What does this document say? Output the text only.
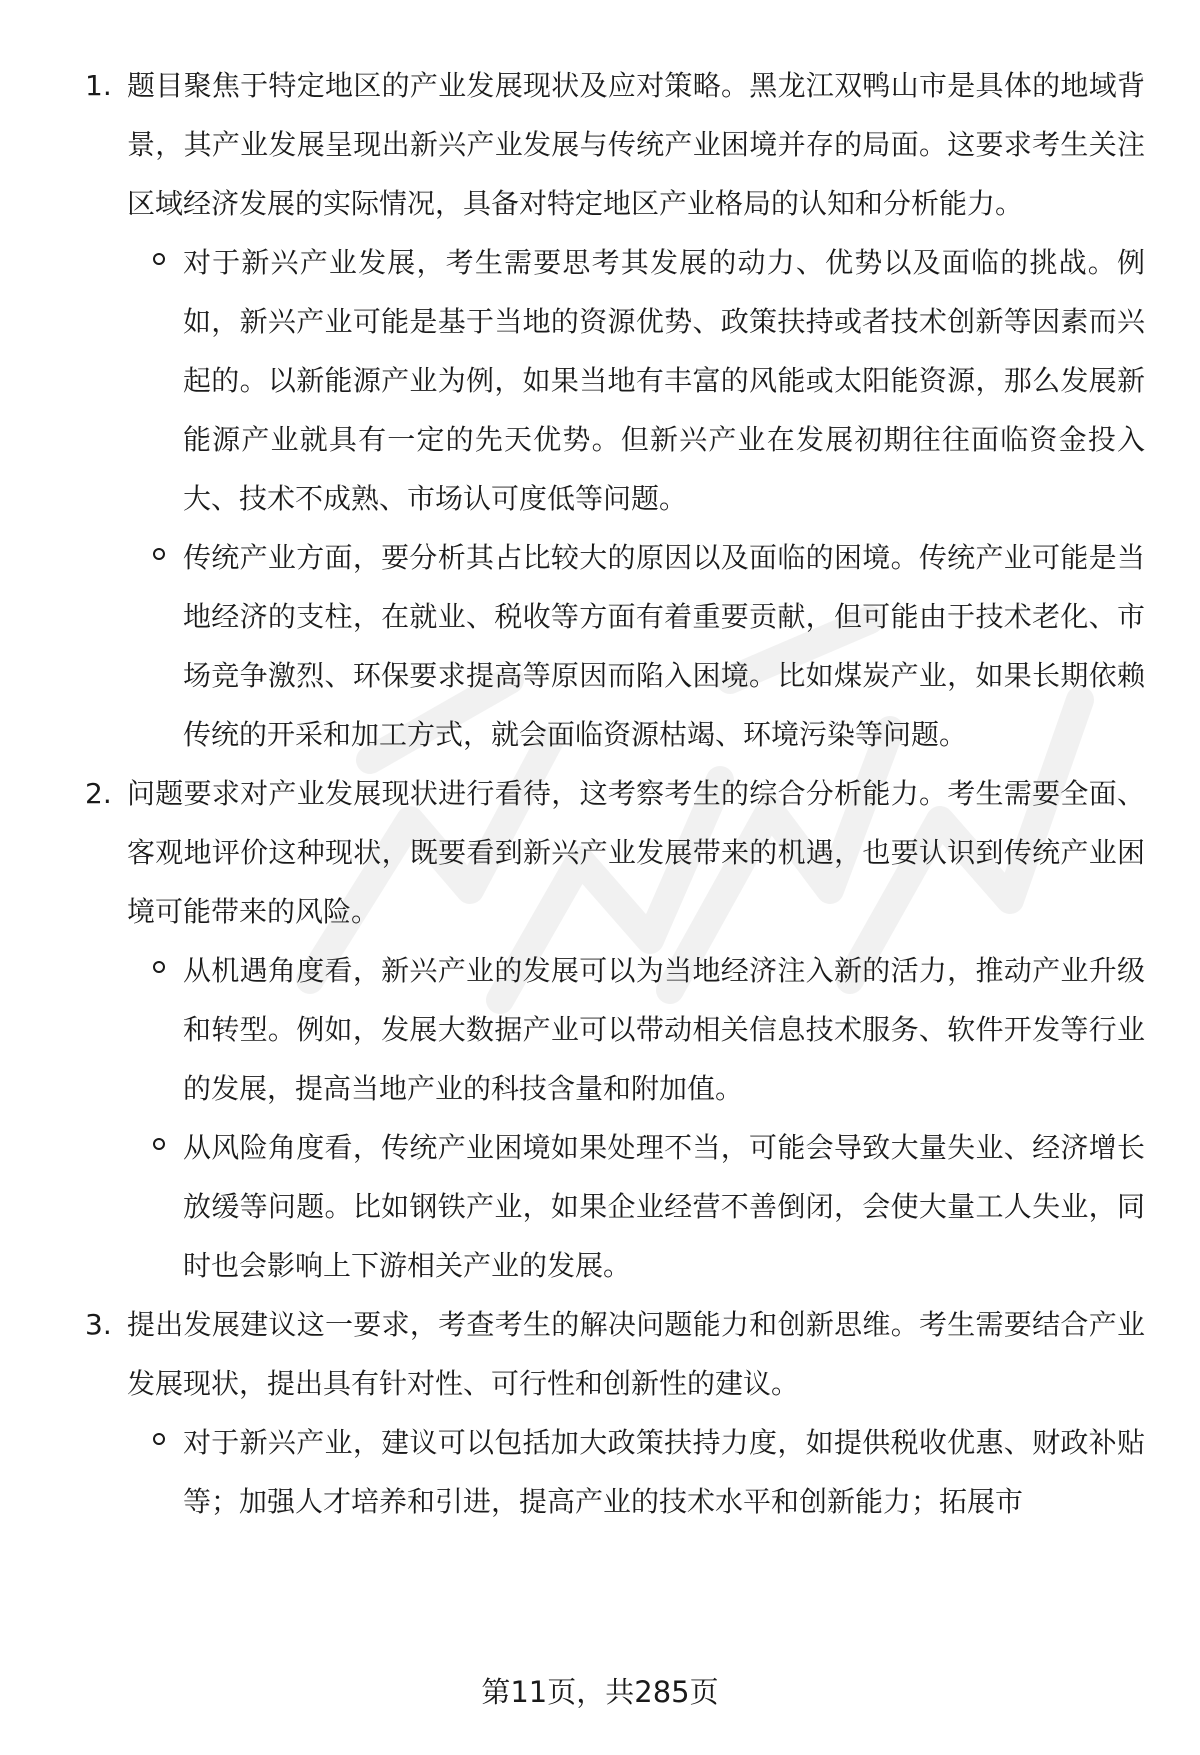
1. 题目聚焦于特定地区的产业发展现状及应对策略。黑龙江双鸭山市是具体的地域背景，其产业发展呈现出新兴产业发展与传统产业困境并存的局面。这要求考生关注区域经济发展的实际情况，具备对特定地区产业格局的认知和分析能力。

对于新兴产业发展，考生需要思考其发展的动力、优势以及面临的挑战。例如，新兴产业可能是基于当地的资源优势、政策扶持或者技术创新等因素而兴起的。以新能源产业为例，如果当地有丰富的风能或太阳能资源，那么发展新能源产业就具有一定的先天优势。但新兴产业在发展初期往往面临资金投入大、技术不成熟、市场认可度低等问题。

传统产业方面，要分析其占比较大的原因以及面临的困境。传统产业可能是当地经济的支柱，在就业、税收等方面有着重要贡献，但可能由于技术老化、市场竞争激烈、环保要求提高等原因而陷入困境。比如煤炭产业，如果长期依赖传统的开采和加工方式，就会面临资源枯竭、环境污染等问题。

2. 问题要求对产业发展现状进行看待，这考察考生的综合分析能力。考生需要全面、客观地评价这种现状，既要看到新兴产业发展带来的机遇，也要认识到传统产业困境可能带来的风险。

从机遇角度看，新兴产业的发展可以为当地经济注入新的活力，推动产业升级和转型。例如，发展大数据产业可以带动相关信息技术服务、软件开发等行业的发展，提高当地产业的科技含量和附加值。

从风险角度看，传统产业困境如果处理不当，可能会导致大量失业、经济增长放缓等问题。比如钢铁产业，如果企业经营不善倒闭，会使大量工人失业，同时也会影响上下游相关产业的发展。

3. 提出发展建议这一要求，考查考生的解决问题能力和创新思维。考生需要结合产业发展现状，提出具有针对性、可行性和创新性的建议。

对于新兴产业，建议可以包括加大政策扶持力度，如提供税收优惠、财政补贴等；加强人才培养和引进，提高产业的技术水平和创新能力；拓展市

第11页，共285页
